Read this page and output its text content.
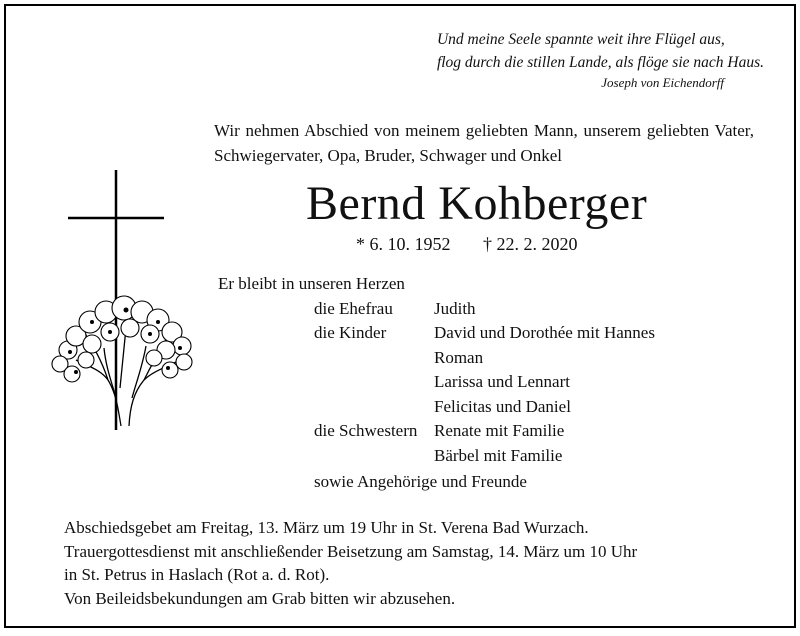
Und meine Seele spannte weit ihre Flügel aus,
flog durch die stillen Lande, als flöge sie nach Haus.
Joseph von Eichendorff
Wir nehmen Abschied von meinem geliebten Mann, unserem geliebten Vater, Schwiegervater, Opa, Bruder, Schwager und Onkel
Bernd Kohberger
* 6. 10. 1952 † 22. 2. 2020
Er bleibt in unseren Herzen
die Ehefrau	Judith
die Kinder	David und Dorothée mit Hannes
Roman
Larissa und Lennart
Felicitas und Daniel
die Schwestern Renate mit Familie
Bärbel mit Familie
sowie Angehörige und Freunde
Abschiedsgebet am Freitag, 13. März um 19 Uhr in St. Verena Bad Wurzach.
Trauergottesdienst mit anschließender Beisetzung am Samstag, 14. März um 10 Uhr
in St. Petrus in Haslach (Rot a. d. Rot).
Von Beileidsbekundungen am Grab bitten wir abzusehen.
